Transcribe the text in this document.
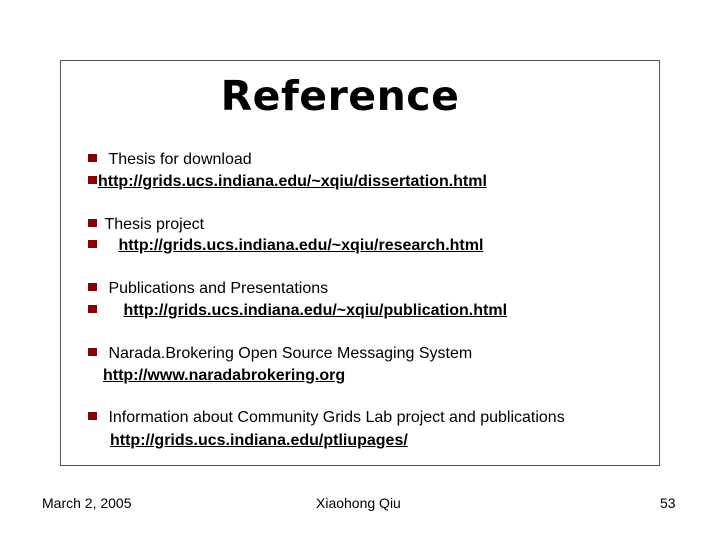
Reference
Thesis for download
http://grids.ucs.indiana.edu/~xqiu/dissertation.html
Thesis project
http://grids.ucs.indiana.edu/~xqiu/research.html
Publications and Presentations
http://grids.ucs.indiana.edu/~xqiu/publication.html
Narada.Brokering Open Source Messaging System
http://www.naradabrokering.org
Information about Community Grids Lab project and publications
http://grids.ucs.indiana.edu/ptliupages/
March 2, 2005	Xiaohong Qiu	53
